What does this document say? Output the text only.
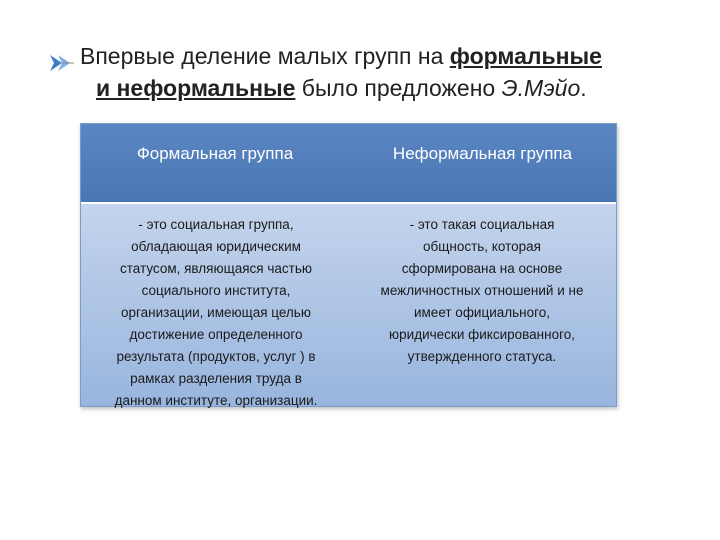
Впервые деление малых групп на формальные
и неформальные было предложено Э.Мэйо.
Формальная группа	Неформальная группа
- это социальная группа,
обладающая юридическим
статусом, являющаяся частью
социального института,
организации, имеющая целью
достижение определенного
результата (продуктов, услуг ) в
рамках разделения труда в
данном институте, организации.
- это такая социальная
общность, которая
сформирована на основе
межличностных отношений и не
имеет официального,
юридически фиксированного,
утвержденного статуса.
